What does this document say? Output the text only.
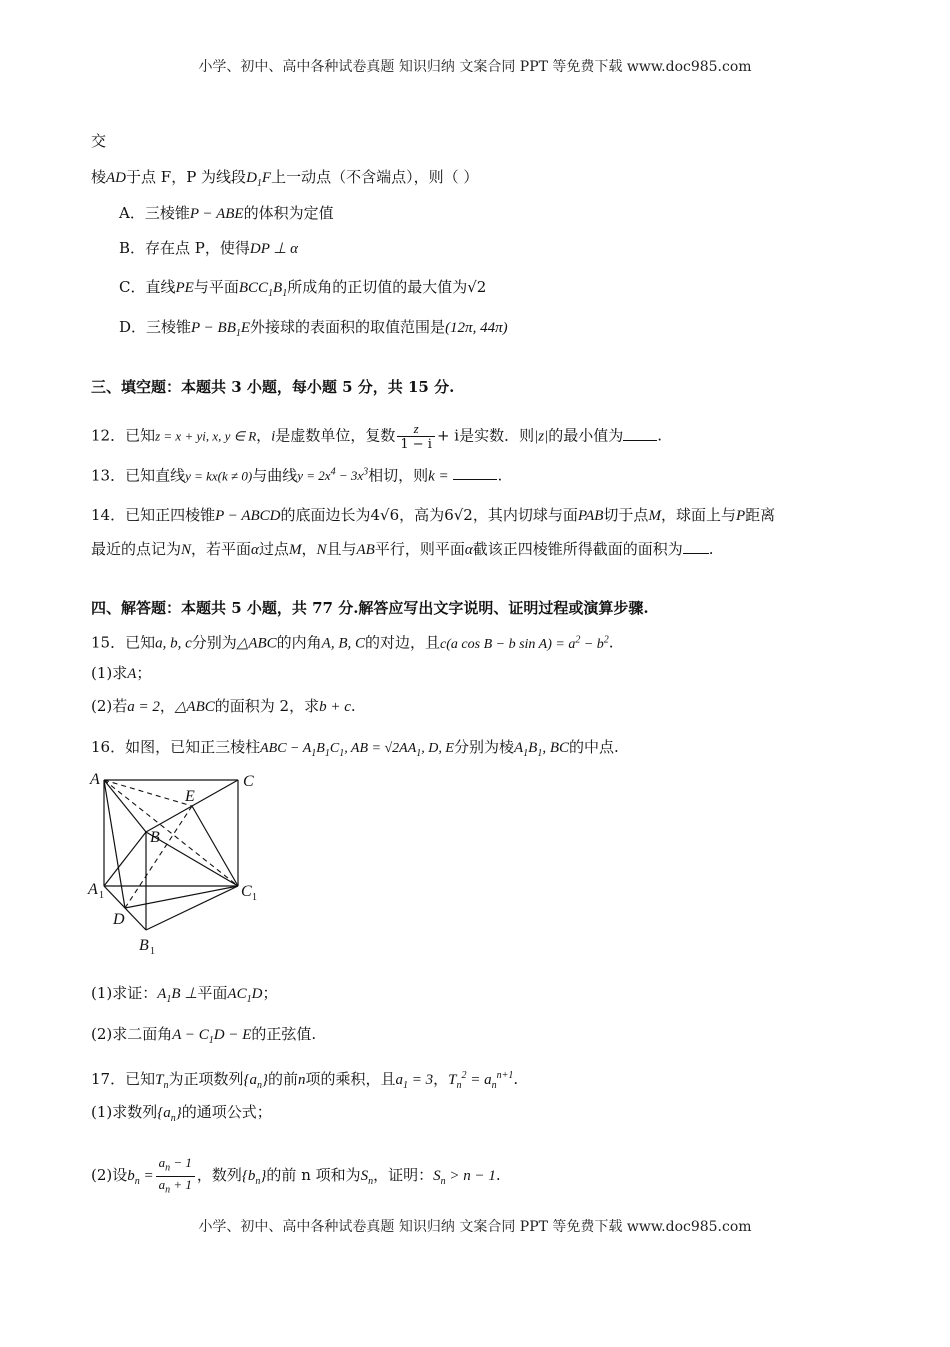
小学、初中、高中各种试卷真题 知识归纳 文案合同 PPT 等免费下载 www.doc985.com
交
棱AD于点 F，P 为线段$D_1F$上一动点（不含端点），则（ ）
A．三棱锥P − ABE的体积为定值
B．存在点 P，使得DP ⊥ α
C．直线PE与平面$BCC_1B_1$所成角的正切值的最大值为√2
D．三棱锥$P - BB_1E$外接球的表面积的取值范围是(12π, 44π)
三、填空题：本题共 3 小题，每小题 5 分，共 15 分.
12．已知z = x + yi, x, y ∈ R，i是虚数单位，复数 $\frac{z}{1 - i} + i$是实数．则|z|的最小值为 .
13．已知直线y = kx(k ≠ 0)与曲线$y = 2x^4 - 3x^3$相切，则k =	.
14．已知正四棱锥P − ABCD的底面边长为4√6，高为6√2，其内切球与面PAB切于点M，球面上与P距离
最近的点记为N，若平面α过点M，N且与AB平行，则平面α截该正四棱锥所得截面的面积为 .
四、解答题：本题共 5 小题，共 77 分.解答应写出文字说明、证明过程或演算步骤.
15．已知a, b, c分别为△ABC的内角A, B, C的对边，且c(a cos B − b $\sin A) = a^2 - b^2$.
(1)求A；
(2)若a = 2，△ABC的面积为 2，求b + c.
16．如图，已知正三棱柱ABC − $A_1B_1C_1$, AB = $√2AA_1$, D, E分别为棱$A_1B_1$, BC的中点.
A	C
E
B
A 1	C 1
D
B 1
(1)求证：$A_1B$ ⊥平面$AC_1D$；
(2)求二面角$A - C_1D - E$的正弦值.
17．已知$T_n$为正项数列$\{a_n\}$的前n项的乘积，且$a_1 = 3$，$T_n^2 = a_n^{n+1}$.
(1)求数列$\{a_n\}$的通项公式；
(2)设$b_n = \frac{a_n - 1}{a_n + 1}$ ，数列$\{b_n\}$的前 n 项和为$S_n$，证明：$S_n > n - 1$.
小学、初中、高中各种试卷真题 知识归纳 文案合同 PPT 等免费下载 www.doc985.com
